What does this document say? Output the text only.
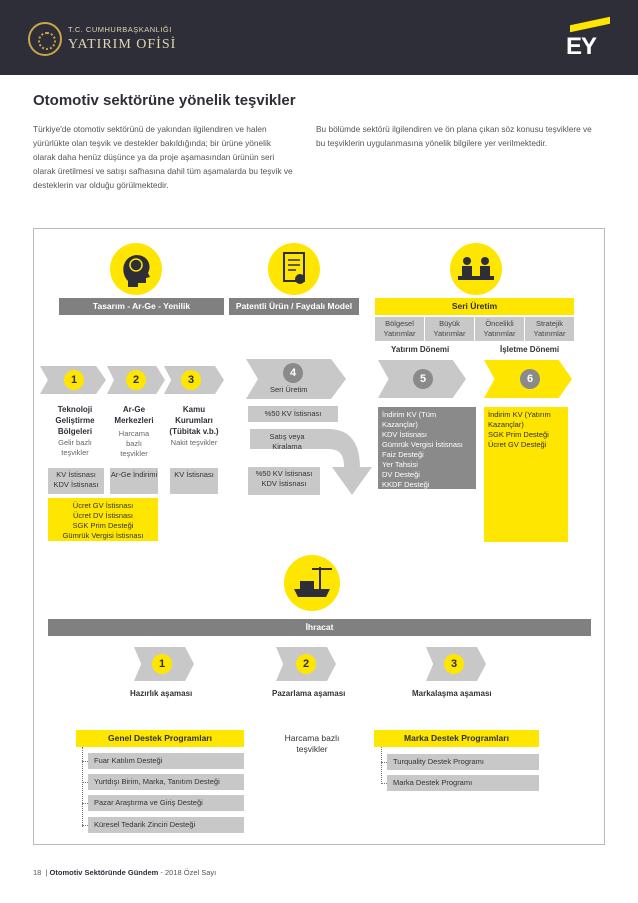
T.C. CUMHURBAŞKANLIĞI
YATIRIM OFİSİ	EY
Otomotiv sektörüne yönelik teşvikler
Türkiye'de otomotiv sektörünü de yakından ilgilendiren ve halen yürürlükte olan teşvik ve destekler bakıldığında; bir ürüne yönelik olarak daha henüz düşünce ya da proje aşamasından ürünün seri olarak üretilmesi ve satışı safhasına dahil tüm aşamalarda bu teşvik ve desteklerin var olduğu görülmektedir.
Bu bölümde sektörü ilgilendiren ve ön plana çıkan söz konusu teşviklere ve bu teşviklerin uygulanmasına yönelik bilgilere yer verilmektedir.
Tasarım - Ar-Ge - Yenilik	Patentli Ürün / Faydalı Model	Seri Üretim
Bölgesel Yatırımlar
Büyük Yatırımlar
Öncelikli Yatırımlar
Stratejik Yatırımlar
Yatırım Dönemi	İşletme Dönemi
1	2	3
4
Seri Üretim
5	6
Teknoloji Geliştirme Bölgeleri
Gelir bazlı teşvikler
KV İstisnası KDV İstisnası
Ar-Ge Merkezleri
Harcama bazlı teşvikler
Ar-Ge İndirimi
Kamu Kurumları (Tübitak v.b.)
Nakit teşvikler
KV İstisnası
Ücret GV İstisnası
Ücret DV İstisnası
SGK Prim Desteği
Gümrük Vergisi İstisnası
%50 KV İstisnası
Satış veya Kiralama
%50 KV İstisnası KDV İstisnası
İndirim KV (Tüm Kazançlar)
KDV İstisnası
Gümrük Vergisi İstisnası
Faiz Desteği
Yer Tahsisi
DV Desteği
KKDF Desteği
İndirim KV (Yatırım Kazançlar)
SGK Prim Desteği
Ücret GV Desteği
İhracat
1	2	3
Hazırlık aşaması	Pazarlama aşaması	Markalaşma aşaması
Genel Destek Programları
Fuar Katılım Desteği
Yurtdışı Birim, Marka, Tanıtım Desteği
Pazar Araştırma ve Giriş Desteği
Küresel Tedarik Zinciri Desteği
Harcama bazlı teşvikler
Marka Destek Programları
Turquality Destek Programı
Marka Destek Programı
18  | Otomotiv Sektöründe Gündem - 2018 Özel Sayı
